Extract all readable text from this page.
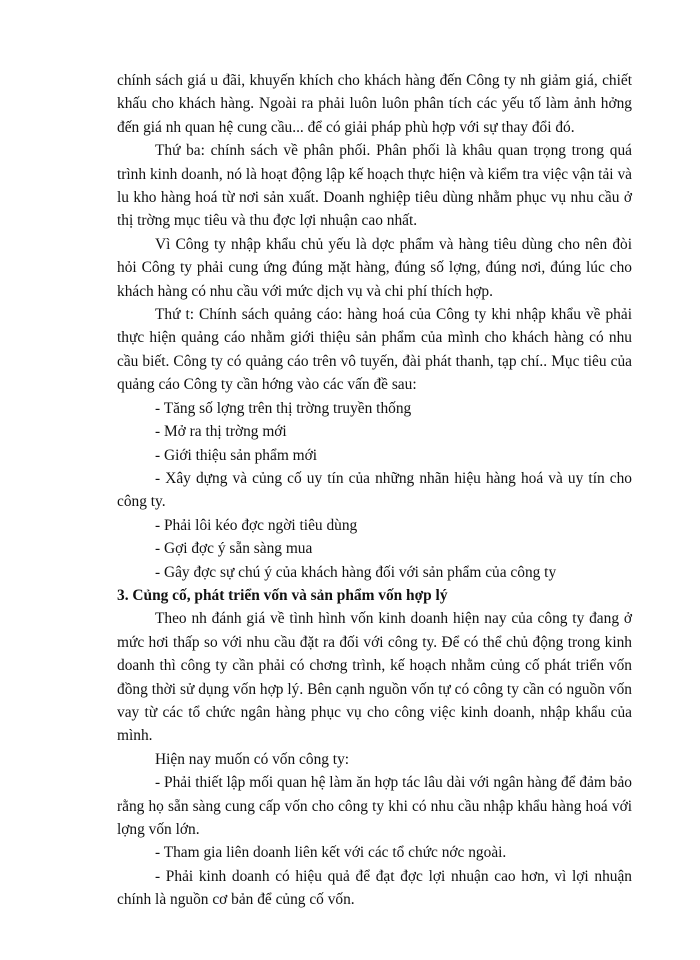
chính sách giá u đãi, khuyến khích cho khách hàng đến Công ty nh giảm giá, chiết khấu cho khách hàng. Ngoài ra phải luôn luôn phân tích các yếu tố làm ảnh hởng đến giá nh quan hệ cung cầu... để có giải pháp phù hợp với sự thay đổi đó.

Thứ ba: chính sách về phân phối. Phân phối là khâu quan trọng trong quá trình kinh doanh, nó là hoạt động lập kế hoạch thực hiện và kiểm tra việc vận tải và lu kho hàng hoá từ nơi sản xuất. Doanh nghiệp tiêu dùng nhằm phục vụ nhu cầu ở thị trờng mục tiêu và thu đợc lợi nhuận cao nhất.

Vì Công ty nhập khẩu chủ yếu là dợc phẩm và hàng tiêu dùng cho nên đòi hỏi Công ty phải cung ứng đúng mặt hàng, đúng số lợng, đúng nơi, đúng lúc cho khách hàng có nhu cầu với mức dịch vụ và chi phí thích hợp.

Thứ t: Chính sách quảng cáo: hàng hoá của Công ty khi nhập khẩu về phải thực hiện quảng cáo nhằm giới thiệu sản phẩm của mình cho khách hàng có nhu cầu biết. Công ty có quảng cáo trên vô tuyến, đài phát thanh, tạp chí.. Mục tiêu của quảng cáo Công ty cần hớng vào các vấn đề sau:

- Tăng số lợng trên thị trờng truyền thống

- Mở ra thị trờng mới

- Giới thiệu sản phẩm mới

- Xây dựng và củng cố uy tín của những nhãn hiệu hàng hoá và uy tín cho công ty.

- Phải lôi kéo đợc ngời tiêu dùng

- Gợi đợc ý sẵn sàng mua

- Gây đợc sự chú ý của khách hàng đối với sản phẩm của công ty

3. Củng cố, phát triển vốn và sản phẩm vốn hợp lý

Theo nh đánh giá về tình hình vốn kinh doanh hiện nay của công ty đang ở mức hơi thấp so với nhu cầu đặt ra đối với công ty. Để có thể chủ động trong kinh doanh thì công ty cần phải có chơng trình, kế hoạch nhằm củng cố phát triển vốn đồng thời sử dụng vốn hợp lý. Bên cạnh nguồn vốn tự có công ty cần có nguồn vốn vay từ các tổ chức ngân hàng phục vụ cho công việc kinh doanh, nhập khẩu của mình.

Hiện nay muốn có vốn công ty:

- Phải thiết lập mối quan hệ làm ăn hợp tác lâu dài với ngân hàng để đảm bảo rằng họ sẵn sàng cung cấp vốn cho công ty khi có nhu cầu nhập khẩu hàng hoá với lợng vốn lớn.

- Tham gia liên doanh liên kết với các tổ chức nớc ngoài.

- Phải kinh doanh có hiệu quả để đạt đợc lợi nhuận cao hơn, vì lợi nhuận chính là nguồn cơ bản để củng cố vốn.
